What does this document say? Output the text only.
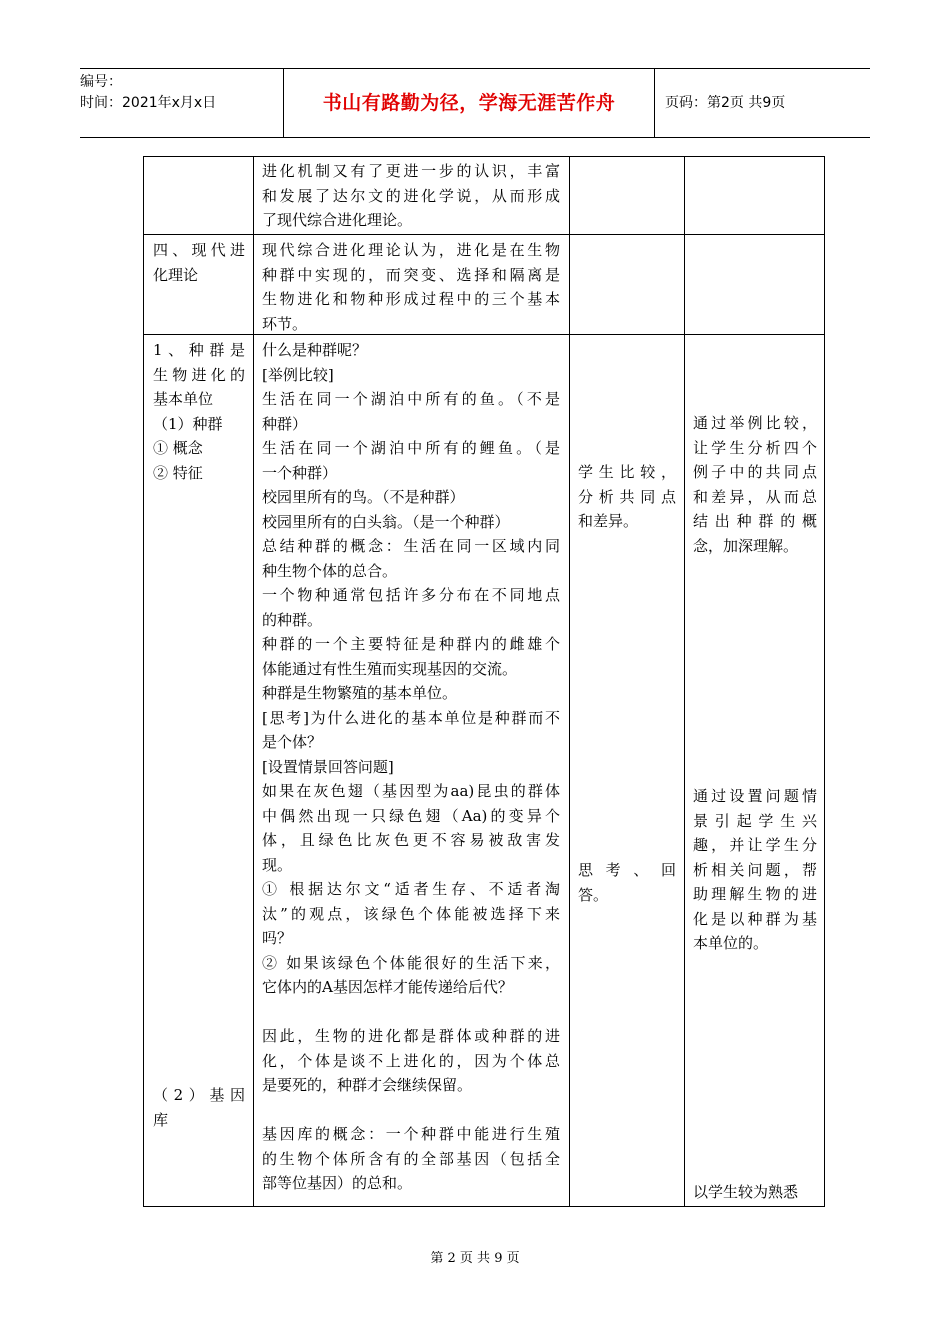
编号：
时间：2021年x月x日	书山有路勤为径，学海无涯苦作舟	页码：第2页 共9页

进化机制又有了更进一步的认识，丰富

和发展了达尔文的进化学说，从而形成

了现代综合进化理论。

四、现代进

化理论

现代综合进化理论认为，进化是在生物

种群中实现的，而突变、选择和隔离是

生物进化和物种形成过程中的三个基本

环节。

1、种群是

生物进化的

基本单位

（1）种群

① 概念

② 特征

（2）基因

库

什么是种群呢？

[举例比较]

生活在同一个湖泊中所有的鱼。（不是

种群）

生活在同一个湖泊中所有的鲤鱼。（是

一个种群）

校园里所有的鸟。（不是种群）

校园里所有的白头翁。（是一个种群）

总结种群的概念：生活在同一区域内同

种生物个体的总合。

一个物种通常包括许多分布在不同地点

的种群。

种群的一个主要特征是种群内的雌雄个

体能通过有性生殖而实现基因的交流。

种群是生物繁殖的基本单位。

[思考]为什么进化的基本单位是种群而不

是个体？

[设置情景回答问题]

如果在灰色翅（基因型为aa)昆虫的群体

中偶然出现一只绿色翅（Aa)的变异个

体，且绿色比灰色更不容易被敌害发

现。

① 根据达尔文“适者生存、不适者淘

汰”的观点，该绿色个体能被选择下来

吗？

② 如果该绿色个体能很好的生活下来，

它体内的A基因怎样才能传递给后代？

因此，生物的进化都是群体或种群的进

化，个体是谈不上进化的，因为个体总

是要死的，种群才会继续保留。

基因库的概念：一个种群中能进行生殖

的生物个体所含有的全部基因（包括全

部等位基因）的总和。

学生比较，

分析共同点

和差异。

思考、回

答。

通过举例比较，

让学生分析四个

例子中的共同点

和差异，从而总

结出种群的概

念，加深理解。

通过设置问题情

景引起学生兴

趣，并让学生分

析相关问题，帮

助理解生物的进

化是以种群为基

本单位的。

以学生较为熟悉

第 2 页 共 9 页
